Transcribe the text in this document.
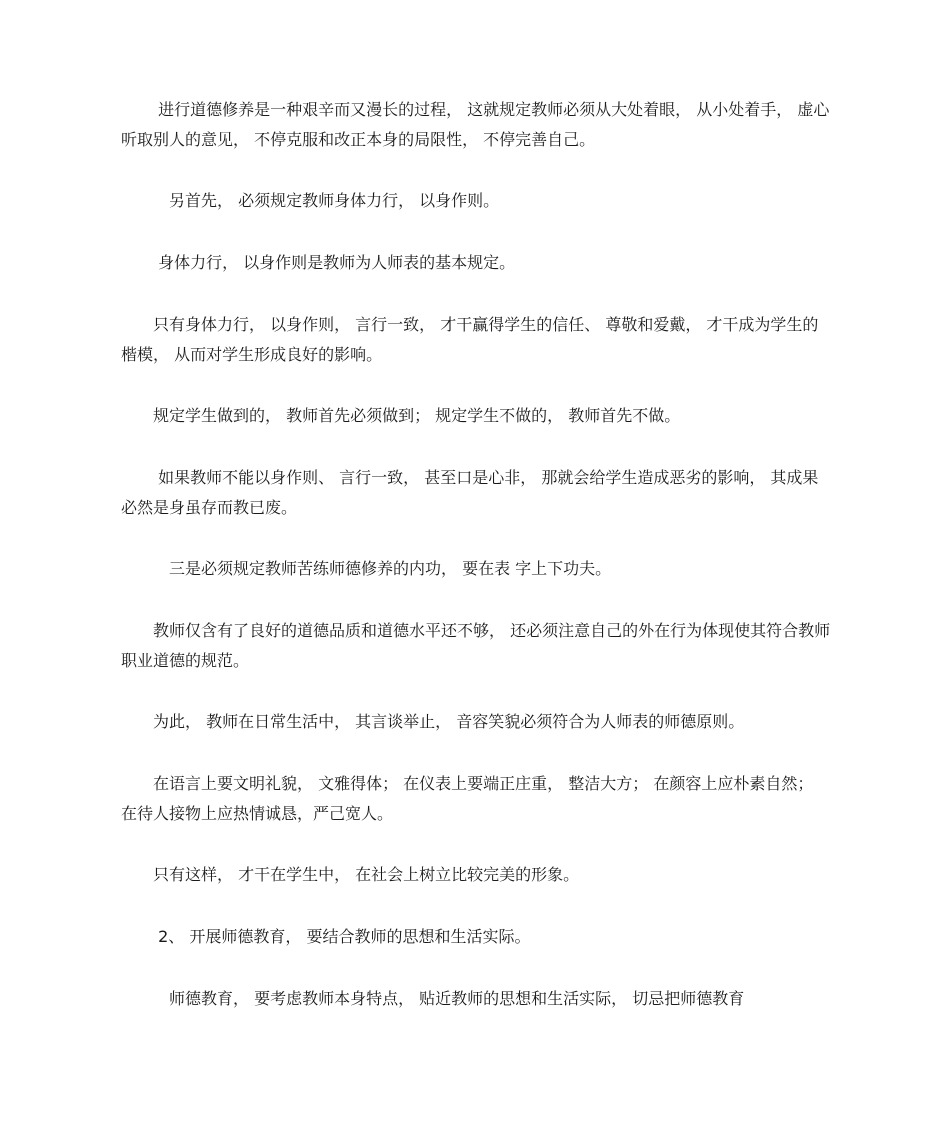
　　 进行道德修养是一种艰辛而又漫长的过程， 这就规定教师必须从大处着眼， 从小处着手， 虚心听取别人的意见， 不停克服和改正本身的局限性， 不停完善自己。

　　　另首先， 必须规定教师身体力行， 以身作则。

　　 身体力行， 以身作则是教师为人师表的基本规定。

　　只有身体力行， 以身作则， 言行一致， 才干赢得学生的信任、 尊敬和爱戴， 才干成为学生的楷模， 从而对学生形成良好的影响。

　　规定学生做到的， 教师首先必须做到； 规定学生不做的， 教师首先不做。

　　 如果教师不能以身作则、 言行一致， 甚至口是心非， 那就会给学生造成恶劣的影响， 其成果必然是身虽存而教已废。

　　　三是必须规定教师苦练师德修养的内功， 要在表 字上下功夫。

　　教师仅含有了良好的道德品质和道德水平还不够， 还必须注意自己的外在行为体现使其符合教师职业道德的规范。

　　为此， 教师在日常生活中， 其言谈举止， 音容笑貌必须符合为人师表的师德原则。

　　在语言上要文明礼貌， 文雅得体； 在仪表上要端正庄重， 整洁大方； 在颜容上应朴素自然； 在待人接物上应热情诚恳，严己宽人。

　　只有这样， 才干在学生中， 在社会上树立比较完美的形象。

　　 2、 开展师德教育， 要结合教师的思想和生活实际。

　　　师德教育， 要考虑教师本身特点， 贴近教师的思想和生活实际， 切忌把师德教育
